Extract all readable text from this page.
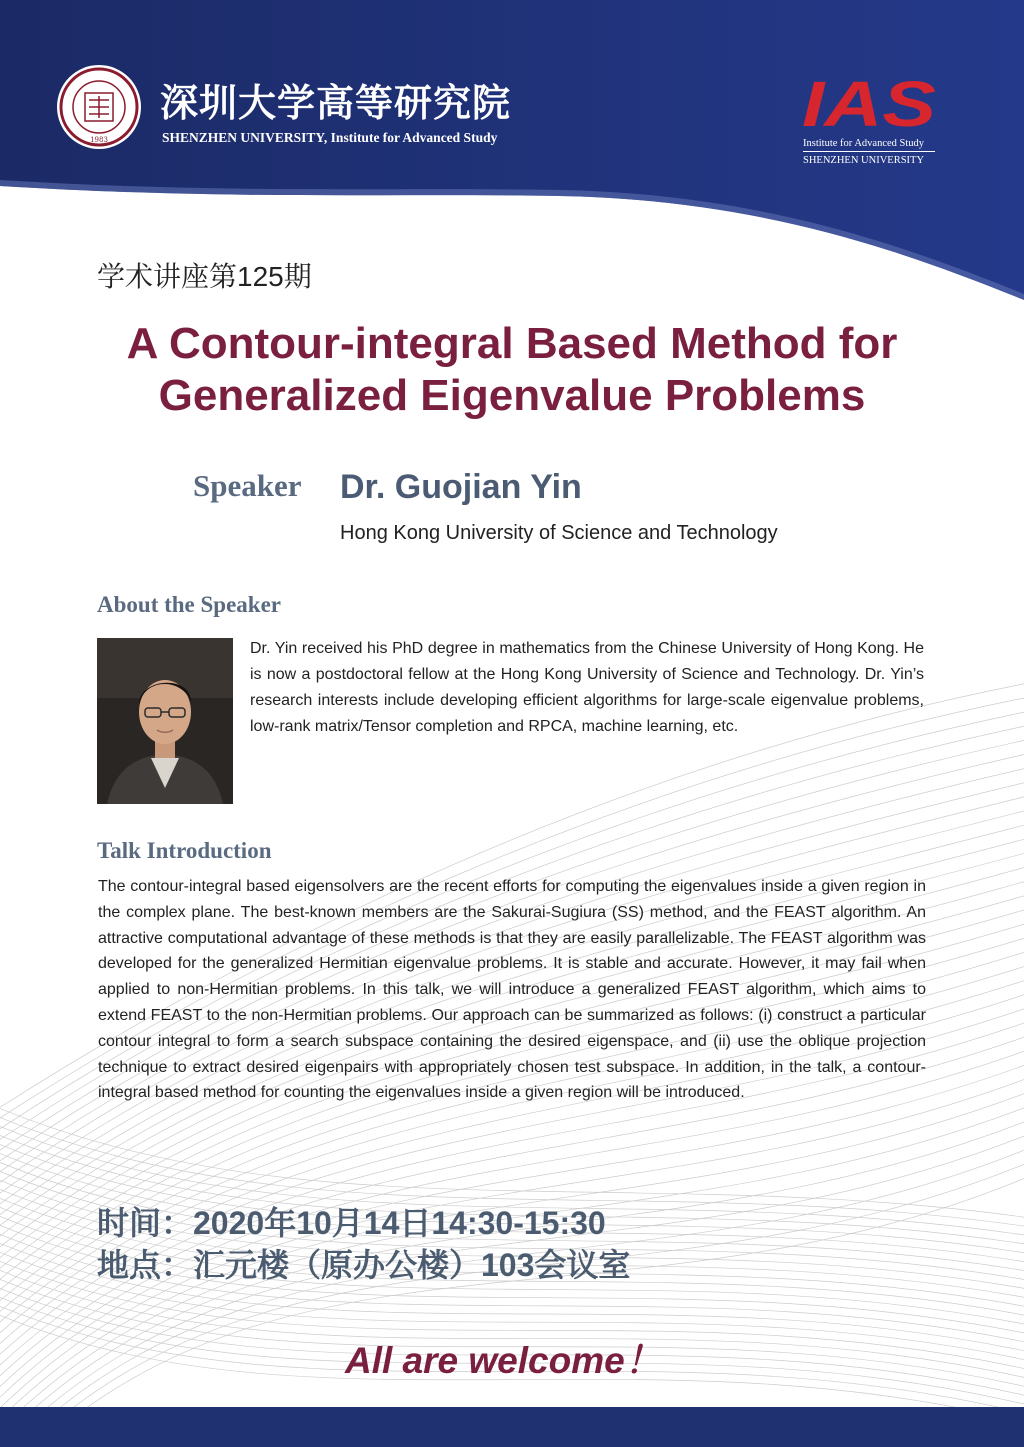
1983
深圳大学高等研究院
SHENZHEN UNIVERSITY, Institute for Advanced Study	IAS
Institute for Advanced Study
SHENZHEN UNIVERSITY
学术讲座第125期
A Contour-integral Based Method for
Generalized Eigenvalue Problems
Speaker Dr. Guojian Yin
Hong Kong University of Science and Technology
About the Speaker
Dr. Yin received his PhD degree in mathematics from the Chinese University of Hong Kong. He is now a postdoctoral fellow at the Hong Kong University of Science and Technology. Dr. Yin’s research interests include developing efficient algorithms for large-scale eigenvalue problems, low-rank matrix/Tensor completion and RPCA, machine learning, etc.
Talk Introduction
The contour-integral based eigensolvers are the recent efforts for computing the eigenvalues inside a given region in the complex plane. The best-known members are the Sakurai-Sugiura (SS) method, and the FEAST algorithm. An attractive computational advantage of these methods is that they are easily parallelizable. The FEAST algorithm was developed for the generalized Hermitian eigenvalue problems. It is stable and accurate. However, it may fail when applied to non-Hermitian problems. In this talk, we will introduce a generalized FEAST algorithm, which aims to extend FEAST to the non-Hermitian problems. Our approach can be summarized as follows: (i) construct a particular contour integral to form a search subspace containing the desired eigenspace, and (ii) use the oblique projection technique to extract desired eigenpairs with appropriately chosen test subspace. In addition, in the talk, a contour-integral based method for counting the eigenvalues inside a given region will be introduced.
时间：2020年10月14日14:30-15:30
地点：汇元楼（原办公楼）103会议室
All are welcome！
